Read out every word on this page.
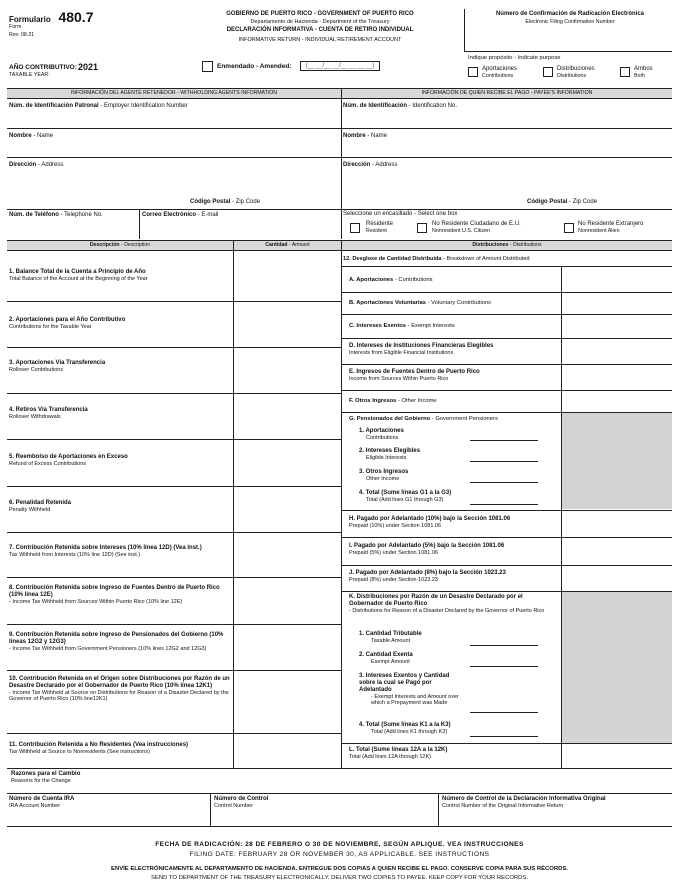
Formulario 480.7
Form
Rev. 08.21
AÑO CONTRIBUTIVO: 2021
TAXABLE YEAR:
GOBIERNO DE PUERTO RICO - GOVERNMENT OF PUERTO RICO
Departamento de Hacienda - Department of the Treasury
DECLARACIÓN INFORMATIVA - CUENTA DE RETIRO INDIVIDUAL
INFORMATIVE RETURN - INDIVIDUAL RETIREMENT ACCOUNT
Enmendado - Amended:	(__ __/__ __/__ __ __ __)
Número de Confirmación de Radicación Electrónica
Electronic Filing Confirmation Number
Indique propósito - Indicate purpose
Aportaciones
Contributions
Distribuciones
Distributions
Ambos
Both
INFORMACIÓN DEL AGENTE RETENEDOR - WITHHOLDING AGENTS INFORMATION	INFORMACIÓN DE QUIEN RECIBE EL PAGO - PAYEE'S INFORMATION
Núm. de Identificación Patronal - Employer Identification Number
Nombre - Name
Dirección - Address
Código Postal - Zip Code
Núm. de Teléfono - Telephone No.	Correo Electrónico - E-mail
Núm. de Identificación - Identification No.
Nombre - Name
Dirección - Address
Código Postal - Zip Code
Seleccione un encasillado - Select one box
Residente
Resident
No Residente Ciudadano de E.U.
Nonresident U.S. Citizen
No Residente Extranjero
Nonresident Alien
Descripción - Description	Cantidad - Amount	Distribuciones - Distributions
1. Balance Total de la Cuenta a Principio de Año
Total Balance of the Account at the Beginning of the Year
2. Aportaciones para el Año Contributivo
Contributions for the Taxable Year
3. Aportaciones Vía Transferencia
Rollover Contributions
4. Retiros Vía Transferencia
Rollover Withdrawals
5. Reembolso de Aportaciones en Exceso
Refund of Excess Contributions
6. Penalidad Retenida
Penalty Withheld
7. Contribución Retenida sobre Intereses (10% línea 12D) (Vea inst.)
Tax Withheld from Interests (10% line 12D) (See inst.)
8. Contribución Retenida sobre Ingreso de Fuentes Dentro de Puerto Rico (10% línea 12E)
- Income Tax Withheld from Sources Within Puerto Rico (10% line 12E)
9. Contribución Retenida sobre Ingreso de Pensionados del Gobierno (10% líneas 12G2 y 12G3)
- Income Tax Withheld from Government Pensioners (10% lines 12G2 and 12G3)
10. Contribución Retenida en el Origen sobre Distribuciones por Razón de un Desastre Declarado por el Gobernador de Puerto Rico (10% línea 12K1)
- Income Tax Withheld at Source on Distributions for Reason of a Disaster Declared by the Governor of Puerto Rico (10% line12K1)
11. Contribución Retenida a No Residentes (Vea instrucciones)
Tax Withheld at Source to Nonresidents (See instructions)
12. Desglose de Cantidad Distribuida - Breakdown of Amount Distributed
A. Aportaciones - Contributions
B. Aportaciones Voluntarias - Voluntary Contributions
C. Intereses Exentos - Exempt Interests
D. Intereses de Instituciones Financieras Elegibles
Interests from Eligible Financial Institutions
E. Ingresos de Fuentes Dentro de Puerto Rico
Income from Sources Within Puerto Rico
F. Otros Ingresos - Other Income
G. Pensionados del Gobierno - Government Pensioners
1. Aportaciones
Contributions
2. Intereses Elegibles
Eligible Interests
3. Otros Ingresos
Other Income
4. Total (Sume líneas G1 a la G3)
Total (Add lines G1 through G3)
H. Pagado por Adelantado (10%) bajo la Sección 1081.06
Prepaid (10%) under Section 1081.06
I. Pagado por Adelantado (5%) bajo la Sección 1081.06
Prepaid (5%) under Section 1081.06
J. Pagado por Adelantado (8%) bajo la Sección 1023.23
Prepaid (8%) under Section 1023.23
K. Distribuciones por Razón de un Desastre Declarado por el Gobernador de Puerto Rico
- Distributions for Reason of a Disaster Declared by the Governor of Puerto Rico
1. Cantidad Tributable
Taxable Amount
2. Cantidad Exenta
Exempt Amount
3. Intereses Exentos y Cantidad sobre la cual se Pagó por Adelantado
- Exempt Interests and Amount over which a Prepayment was Made
4. Total (Sume líneas K1 a la K3)
Total (Add lines K1 through K3)
L. Total (Sume líneas 12A a la 12K)
Total (Add lines 12A through 12K)
Razones para el Cambio
Reasons for the Change
Número de Cuenta IRA
IRA Account Number
Número de Control
Control Number
Número de Control de la Declaración Informativa Original
Control Number of the Original Informative Return
FECHA DE RADICACIÓN: 28 DE FEBRERO O 30 DE NOVIEMBRE, SEGÚN APLIQUE. VEA INSTRUCCIONES
FILING DATE: FEBRUARY 28 OR NOVEMBER 30, AS APPLICABLE. SEE INSTRUCTIONS
ENVÍE ELECTRÓNICAMENTE AL DEPARTAMENTO DE HACIENDA. ENTREGUE DOS COPIAS A QUIEN RECIBE EL PAGO. CONSERVE COPIA PARA SUS RÉCORDS.
SEND TO DEPARTMENT OF THE TREASURY ELECTRONICALLY. DELIVER TWO COPIES TO PAYEE. KEEP COPY FOR YOUR RECORDS.
